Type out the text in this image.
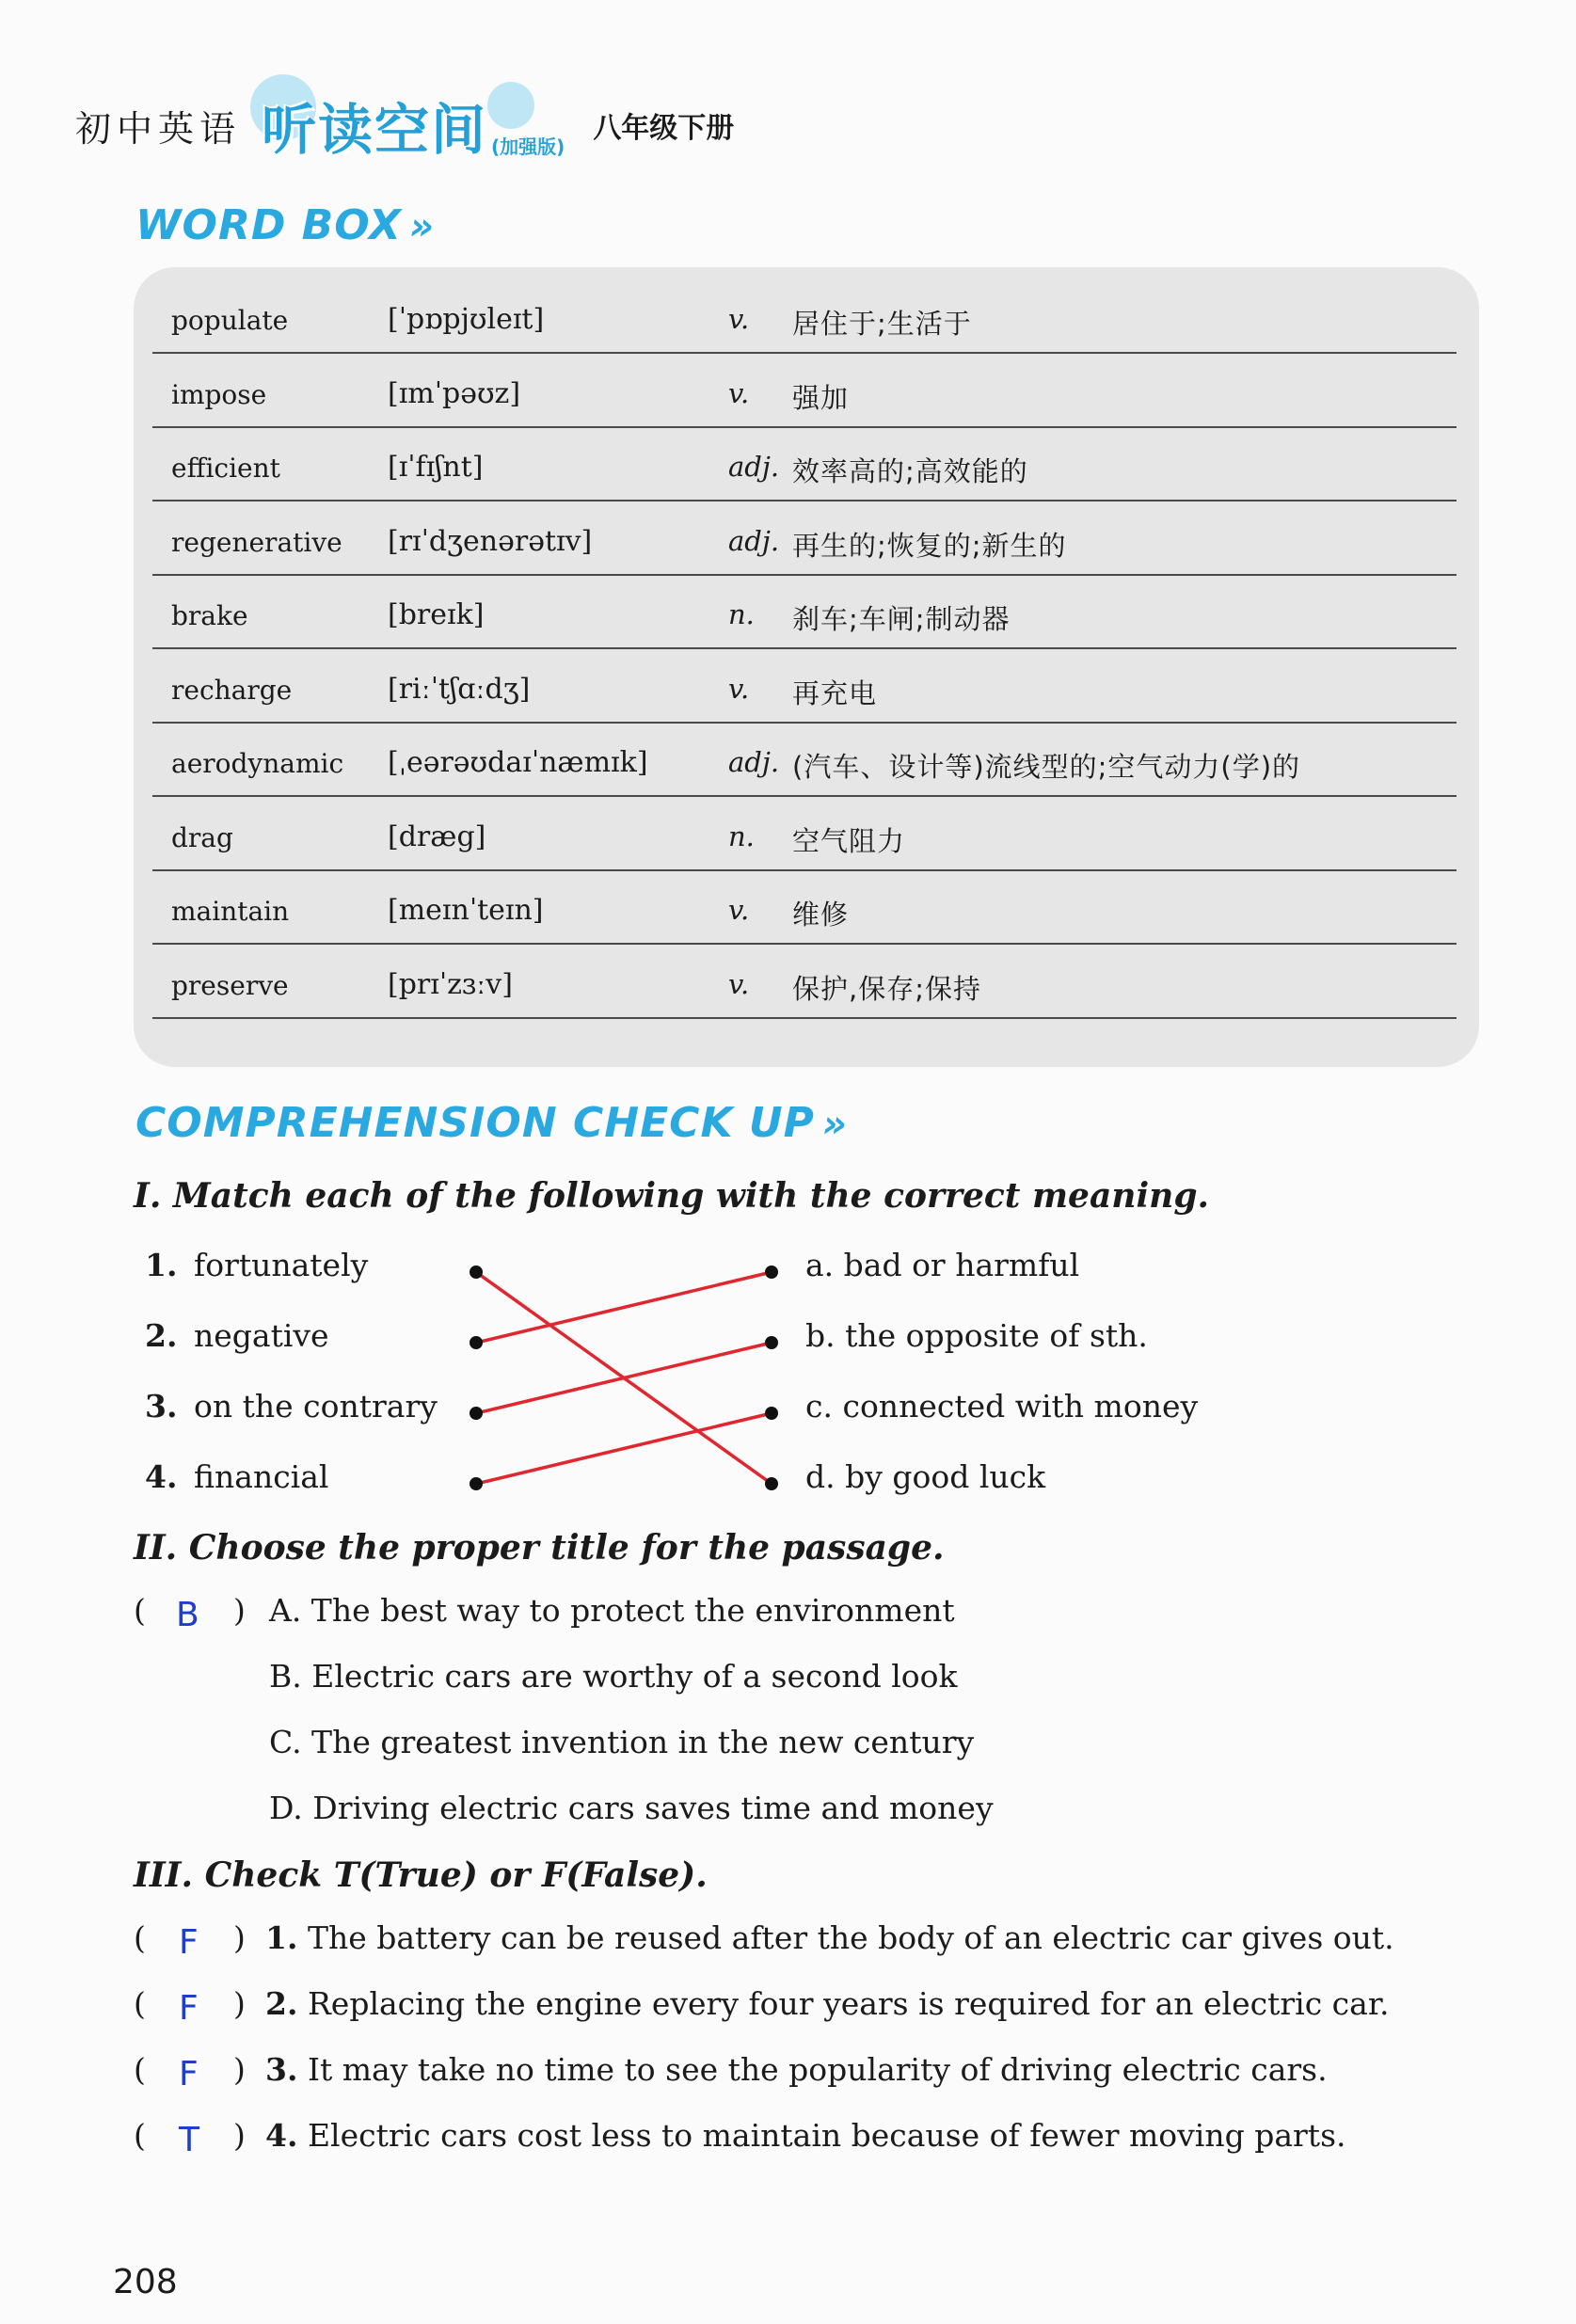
初中英语 听读空间 (加强版)
八年级下册
WORD BOX »
populate	[ˈpɒpjʊleɪt]	v. 居住于;生活于
impose	[ɪmˈpəʊz]	v. 强加
efficient	[ɪˈfɪʃnt]	adj. 效率高的;高效能的
regenerative [rɪˈdʒenərətɪv]	adj. 再生的;恢复的;新生的
brake	[breɪk]	n. 刹车;车闸;制动器
recharge	[riːˈtʃɑːdʒ]	v. 再充电
aerodynamic [ˌeərəʊdaɪˈnæmɪk]	adj. (汽车、设计等)流线型的;空气动力(学)的
drag	[dræg]	n. 空气阻力
maintain	[meɪnˈteɪn]	v. 维修
preserve	[prɪˈzɜːv]	v. 保护,保存;保持
COMPREHENSION CHECK UP »
I. Match each of the following with the correct meaning.
1. fortunately
2. negative
3. on the contrary
4. financial
a. bad or harmful
b. the opposite of sth.
c. connected with money
d. by good luck
II. Choose the proper title for the passage.
( B ) A. The best way to protect the environment
B. Electric cars are worthy of a second look
C. The greatest invention in the new century
D. Driving electric cars saves time and money
III. Check T(True) or F(False).
( F ) 1. The battery can be reused after the body of an electric car gives out.
( F ) 2. Replacing the engine every four years is required for an electric car.
( F ) 3. It may take no time to see the popularity of driving electric cars.
( T ) 4. Electric cars cost less to maintain because of fewer moving parts.
208
